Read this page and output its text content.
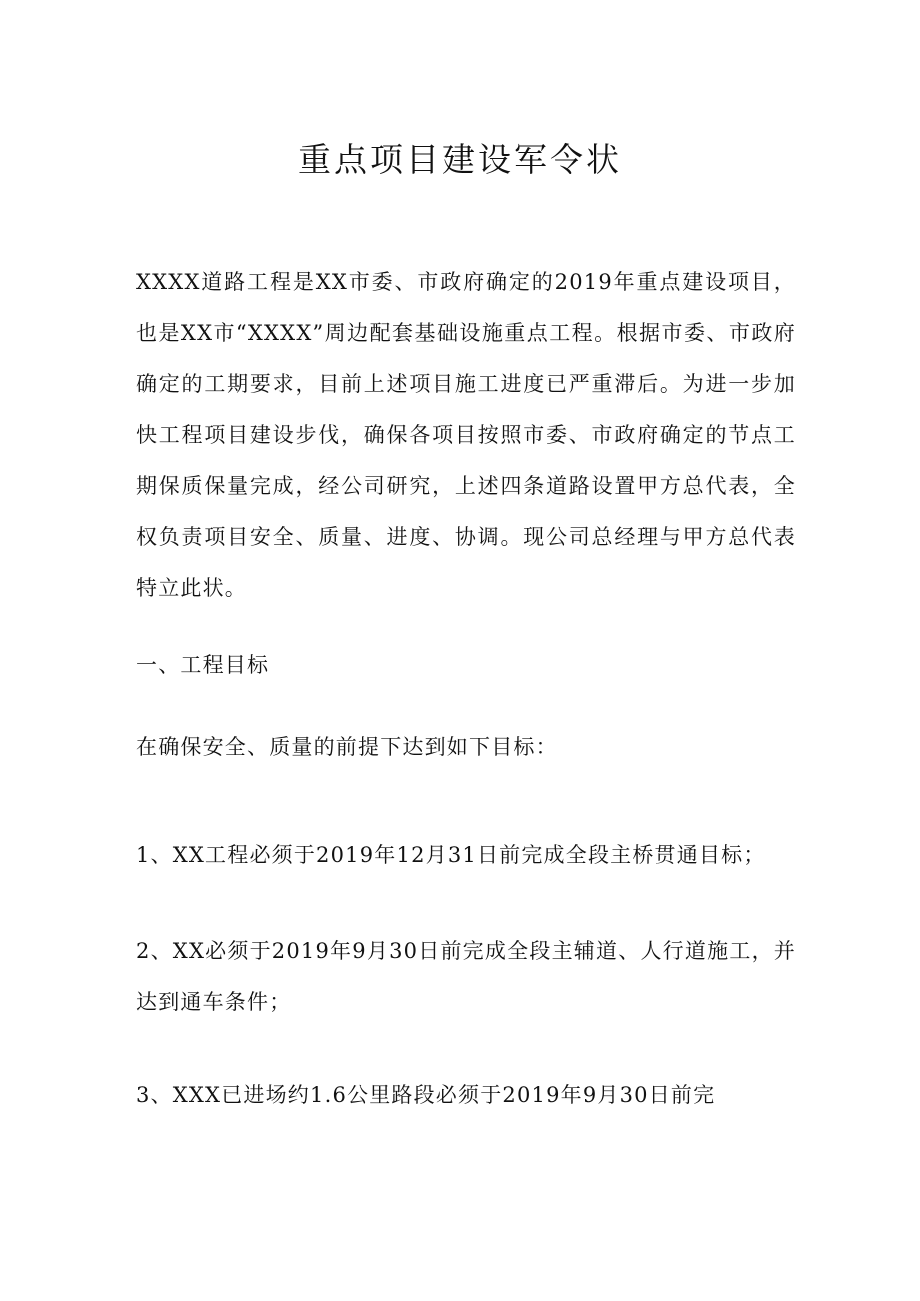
重点项目建设军令状

XXXX道路工程是XX市委、市政府确定的2019年重点建设项目，也是XX市“XXXX”周边配套基础设施重点工程。根据市委、市政府确定的工期要求，目前上述项目施工进度已严重滞后。为进一步加快工程项目建设步伐，确保各项目按照市委、市政府确定的节点工期保质保量完成，经公司研究，上述四条道路设置甲方总代表，全权负责项目安全、质量、进度、协调。现公司总经理与甲方总代表特立此状。

一、工程目标

在确保安全、质量的前提下达到如下目标：

1、XX工程必须于2019年12月31日前完成全段主桥贯通目标；

2、XX必须于2019年9月30日前完成全段主辅道、人行道施工，并达到通车条件；

3、XXX已进场约1.6公里路段必须于2019年9月30日前完
